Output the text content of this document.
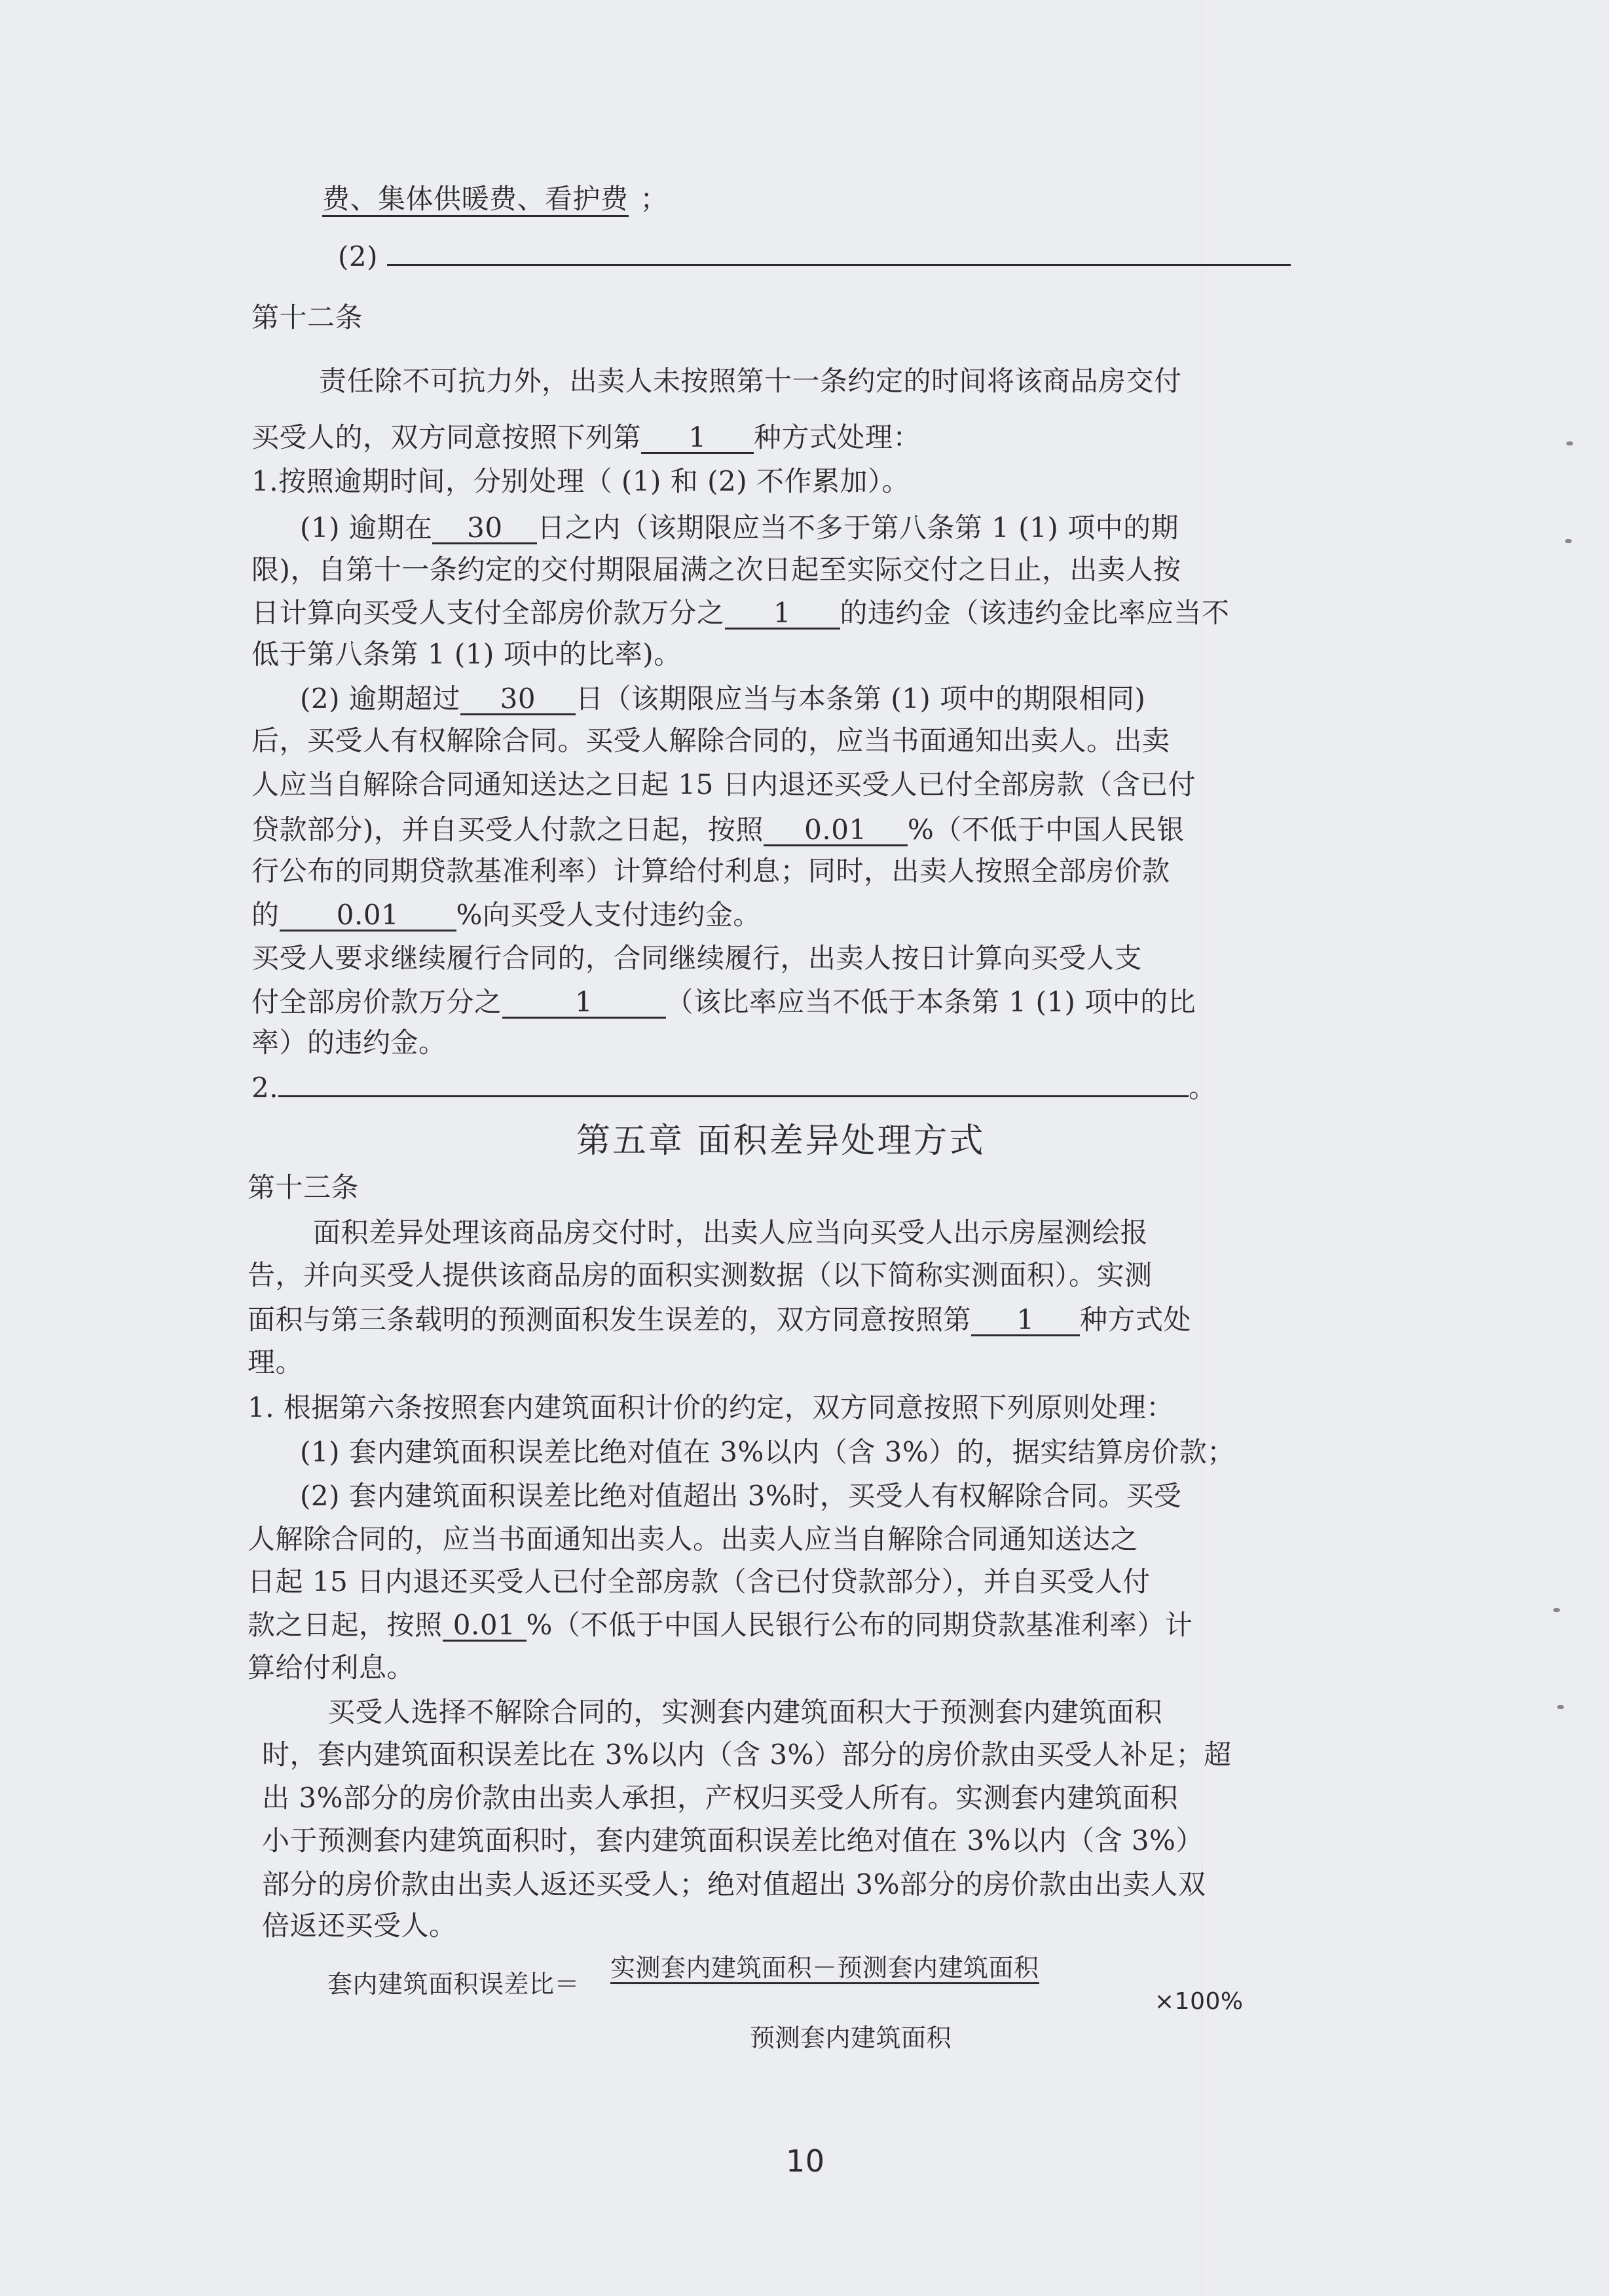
费、集体供暖费、看护费 ；
(2)
第十二条
责任除不可抗力外，出卖人未按照第十一条约定的时间将该商品房交付
买受人的，双方同意按照下列第 1 种方式处理：
1.按照逾期时间，分别处理（ (1) 和 (2) 不作累加）。
(1) 逾期在 30 日之内（该期限应当不多于第八条第 1 (1) 项中的期
限)，自第十一条约定的交付期限届满之次日起至实际交付之日止，出卖人按
日计算向买受人支付全部房价款万分之 1 的违约金（该违约金比率应当不
低于第八条第 1 (1) 项中的比率)。
(2) 逾期超过 30 日（该期限应当与本条第 (1) 项中的期限相同)
后，买受人有权解除合同。买受人解除合同的，应当书面通知出卖人。出卖
人应当自解除合同通知送达之日起 15 日内退还买受人已付全部房款（含已付
贷款部分)，并自买受人付款之日起，按照 0.01 %（不低于中国人民银
行公布的同期贷款基准利率）计算给付利息；同时，出卖人按照全部房价款
的 0.01 %向买受人支付违约金。
买受人要求继续履行合同的，合同继续履行，出卖人按日计算向买受人支
付全部房价款万分之	1	（该比率应当不低于本条第 1 (1) 项中的比
率）的违约金。
2.	。
第五章 面积差异处理方式
第十三条
面积差异处理该商品房交付时，出卖人应当向买受人出示房屋测绘报
告，并向买受人提供该商品房的面积实测数据（以下简称实测面积）。实测
面积与第三条载明的预测面积发生误差的，双方同意按照第 1 种方式处
理。
1. 根据第六条按照套内建筑面积计价的约定，双方同意按照下列原则处理：
(1) 套内建筑面积误差比绝对值在 3%以内（含 3%）的，据实结算房价款；
(2) 套内建筑面积误差比绝对值超出 3%时，买受人有权解除合同。买受
人解除合同的，应当书面通知出卖人。出卖人应当自解除合同通知送达之
日起 15 日内退还买受人已付全部房款（含已付贷款部分），并自买受人付
款之日起，按照 0.01 %（不低于中国人民银行公布的同期贷款基准利率）计
算给付利息。
买受人选择不解除合同的，实测套内建筑面积大于预测套内建筑面积
时，套内建筑面积误差比在 3%以内（含 3%）部分的房价款由买受人补足；超
出 3%部分的房价款由出卖人承担，产权归买受人所有。实测套内建筑面积
小于预测套内建筑面积时，套内建筑面积误差比绝对值在 3%以内（含 3%）
部分的房价款由出卖人返还买受人；绝对值超出 3%部分的房价款由出卖人双
倍返还买受人。
套内建筑面积误差比＝
实测套内建筑面积－预测套内建筑面积
×100%
预测套内建筑面积
10
